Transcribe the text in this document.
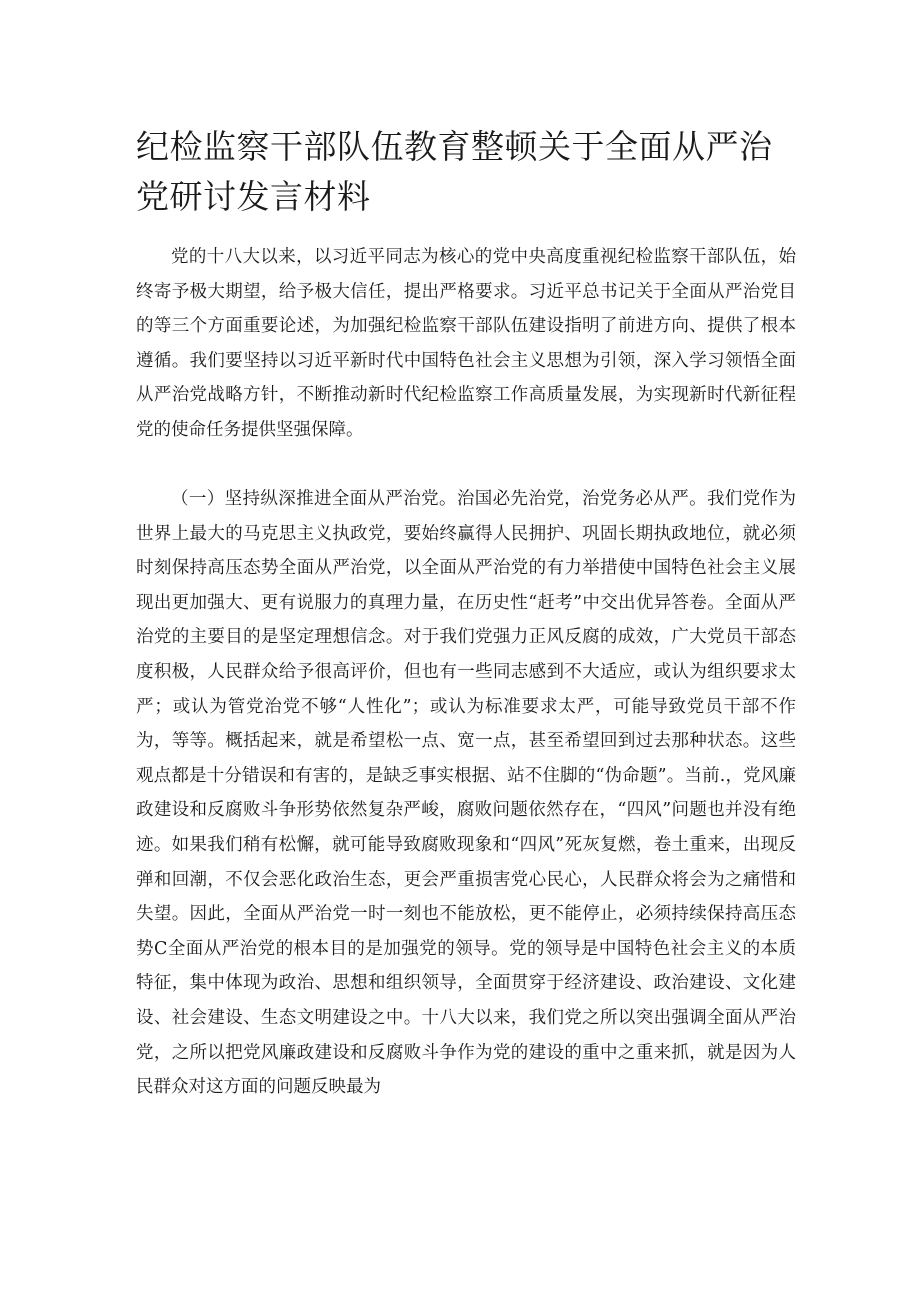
纪检监察干部队伍教育整顿关于全面从严治党研讨发言材料

党的十八大以来，以习近平同志为核心的党中央高度重视纪检监察干部队伍，始终寄予极大期望，给予极大信任，提出严格要求。习近平总书记关于全面从严治党目的等三个方面重要论述，为加强纪检监察干部队伍建设指明了前进方向、提供了根本遵循。我们要坚持以习近平新时代中国特色社会主义思想为引领，深入学习领悟全面从严治党战略方针，不断推动新时代纪检监察工作高质量发展，为实现新时代新征程党的使命任务提供坚强保障。

（一）坚持纵深推进全面从严治党。治国必先治党，治党务必从严。我们党作为世界上最大的马克思主义执政党，要始终赢得人民拥护、巩固长期执政地位，就必须时刻保持高压态势全面从严治党，以全面从严治党的有力举措使中国特色社会主义展现出更加强大、更有说服力的真理力量，在历史性“赶考”中交出优异答卷。全面从严治党的主要目的是坚定理想信念。对于我们党强力正风反腐的成效，广大党员干部态度积极，人民群众给予很高评价，但也有一些同志感到不大适应，或认为组织要求太严；或认为管党治党不够“人性化”；或认为标准要求太严，可能导致党员干部不作为，等等。概括起来，就是希望松一点、宽一点，甚至希望回到过去那种状态。这些观点都是十分错误和有害的，是缺乏事实根据、站不住脚的“伪命题”。当前.，党风廉政建设和反腐败斗争形势依然复杂严峻，腐败问题依然存在，“四风”问题也并没有绝迹。如果我们稍有松懈，就可能导致腐败现象和“四风”死灰复燃，卷土重来，出现反弹和回潮，不仅会恶化政治生态，更会严重损害党心民心，人民群众将会为之痛惜和失望。因此，全面从严治党一时一刻也不能放松，更不能停止，必须持续保持高压态势C全面从严治党的根本目的是加强党的领导。党的领导是中国特色社会主义的本质特征，集中体现为政治、思想和组织领导，全面贯穿于经济建设、政治建设、文化建设、社会建设、生态文明建设之中。十八大以来，我们党之所以突出强调全面从严治党，之所以把党风廉政建设和反腐败斗争作为党的建设的重中之重来抓，就是因为人民群众对这方面的问题反映最为
